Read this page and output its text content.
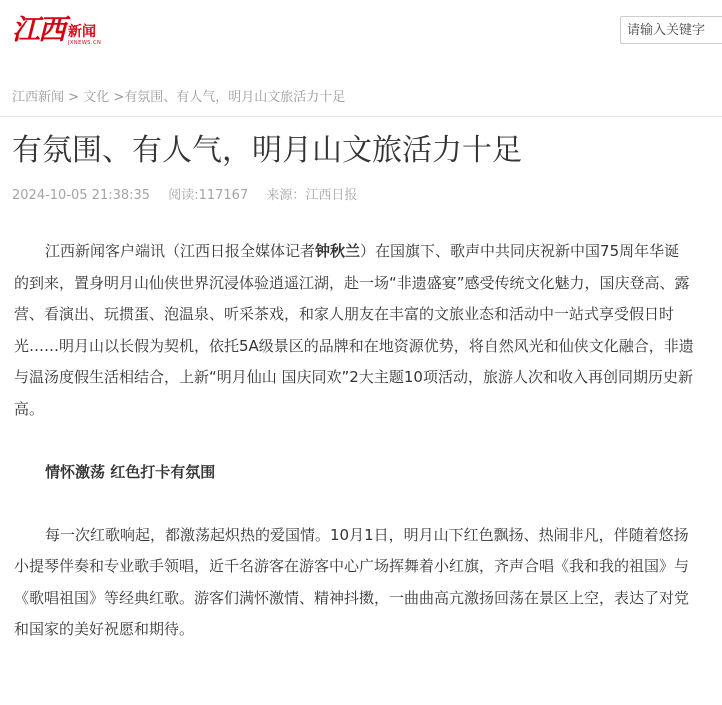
江西 新闻
JXNEWS.CN
请输入关键字
江西新闻 > 文化 >有氛围、有人气，明月山文旅活力十足
有氛围、有人气，明月山文旅活力十足
2024-10-05 21:38:35 阅读:117167 来源：江西日报

江西新闻客户端讯（江西日报全媒体记者钟秋兰）在国旗下、歌声中共同庆祝新中国75周年华诞的到来，置身明月山仙侠世界沉浸体验逍遥江湖，赴一场“非遗盛宴”感受传统文化魅力，国庆登高、露营、看演出、玩掼蛋、泡温泉、听采茶戏，和家人朋友在丰富的文旅业态和活动中一站式享受假日时光……明月山以长假为契机，依托5A级景区的品牌和在地资源优势，将自然风光和仙侠文化融合，非遗与温汤度假生活相结合，上新“明月仙山 国庆同欢”2大主题10项活动，旅游人次和收入再创同期历史新高。

情怀激荡 红色打卡有氛围

每一次红歌响起，都激荡起炽热的爱国情。10月1日，明月山下红色飘扬、热闹非凡，伴随着悠扬小提琴伴奏和专业歌手领唱，近千名游客在游客中心广场挥舞着小红旗，齐声合唱《我和我的祖国》与《歌唱祖国》等经典红歌。游客们满怀激情、精神抖擞，一曲曲高亢激扬回荡在景区上空，表达了对党和国家的美好祝愿和期待。
